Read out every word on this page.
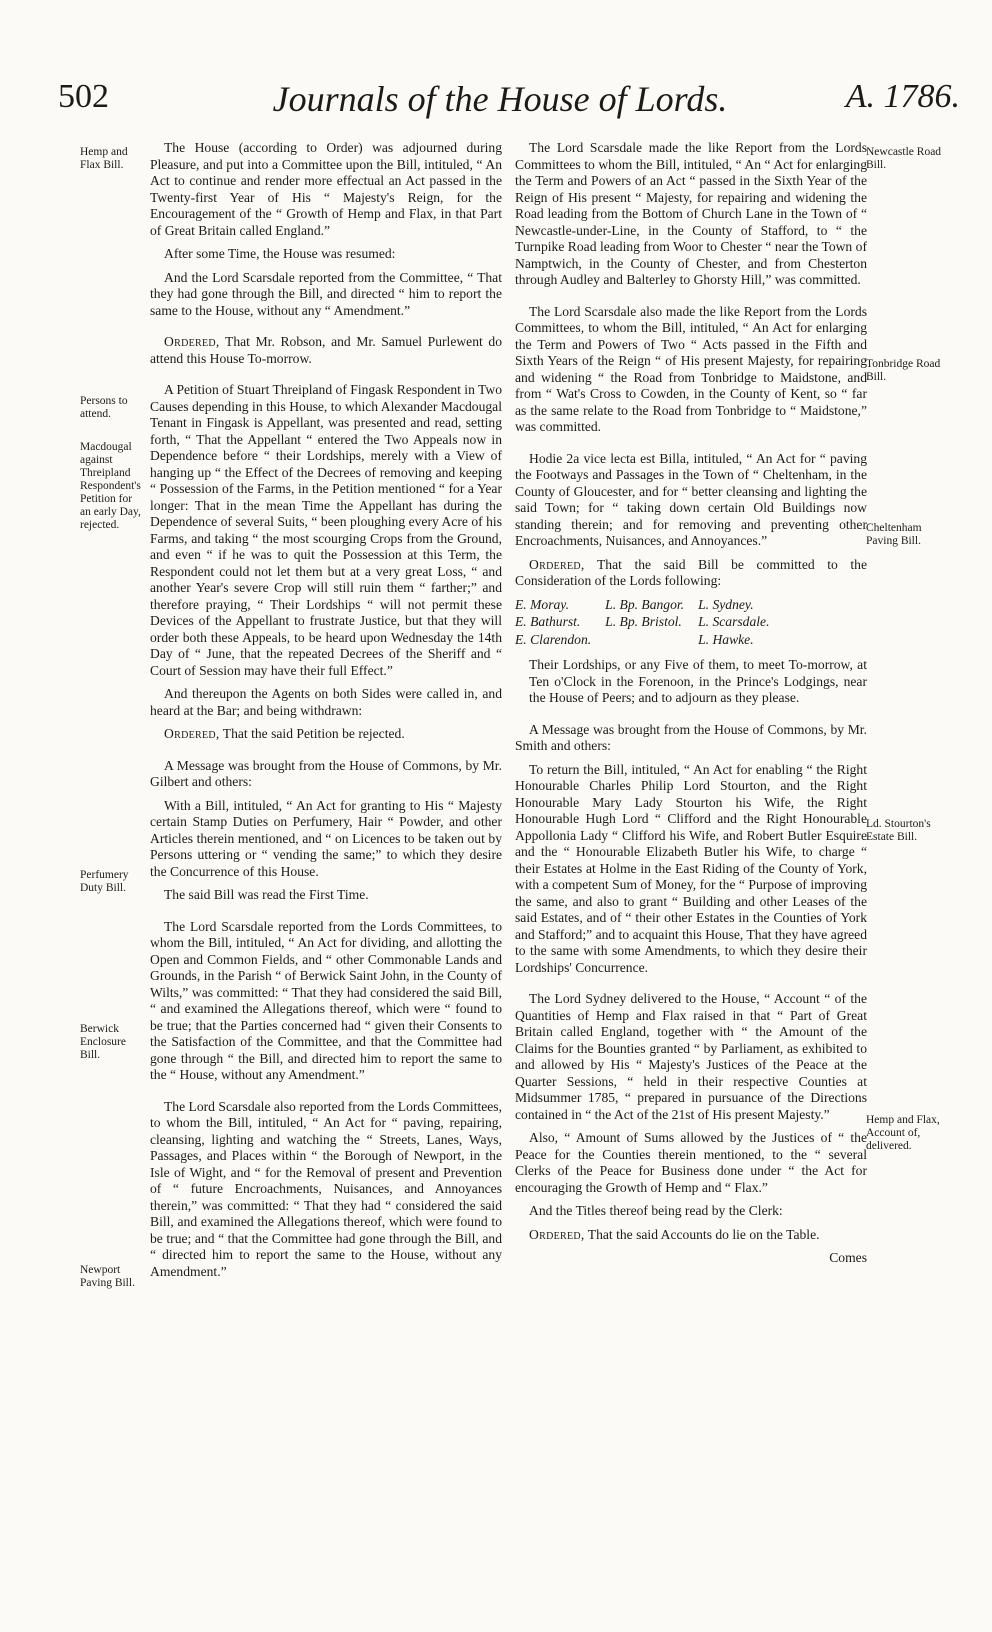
502	Journals of the House of Lords.	A. 1786.
Hemp and Flax Bill.
Persons to attend.
Macdougal against Threipland Respondent's Petition for an early Day, rejected.
Perfumery Duty Bill.
Berwick Enclosure Bill.
Newport Paving Bill.
Newcastle Road Bill.
Tonbridge Road Bill.
Cheltenham Paving Bill.
Ld. Stourton's Estate Bill.
Hemp and Flax, Account of, delivered.

The House (according to Order) was adjourned during Pleasure, and put into a Committee upon the Bill, intituled, “ An Act to continue and render more effectual an Act passed in the Twenty-first Year of His “ Majesty's Reign, for the Encouragement of the “ Growth of Hemp and Flax, in that Part of Great Britain called England.”

After some Time, the House was resumed:

And the Lord Scarsdale reported from the Committee, “ That they had gone through the Bill, and directed “ him to report the same to the House, without any “ Amendment.”

Ordered, That Mr. Robson, and Mr. Samuel Purlewent do attend this House To-morrow.

A Petition of Stuart Threipland of Fingask Respondent in Two Causes depending in this House, to which Alexander Macdougal Tenant in Fingask is Appellant, was presented and read, setting forth, “ That the Appellant “ entered the Two Appeals now in Dependence before “ their Lordships, merely with a View of hanging up “ the Effect of the Decrees of removing and keeping “ Possession of the Farms, in the Petition mentioned “ for a Year longer: That in the mean Time the Appellant has during the Dependence of several Suits, “ been ploughing every Acre of his Farms, and taking “ the most scourging Crops from the Ground, and even “ if he was to quit the Possession at this Term, the Respondent could not let them but at a very great Loss, “ and another Year's severe Crop will still ruin them “ farther;” and therefore praying, “ Their Lordships “ will not permit these Devices of the Appellant to frustrate Justice, but that they will order both these Appeals, to be heard upon Wednesday the 14th Day of “ June, that the repeated Decrees of the Sheriff and “ Court of Session may have their full Effect.”

And thereupon the Agents on both Sides were called in, and heard at the Bar; and being withdrawn:

Ordered, That the said Petition be rejected.

A Message was brought from the House of Commons, by Mr. Gilbert and others:

With a Bill, intituled, “ An Act for granting to His “ Majesty certain Stamp Duties on Perfumery, Hair “ Powder, and other Articles therein mentioned, and “ on Licences to be taken out by Persons uttering or “ vending the same;” to which they desire the Concurrence of this House.

The said Bill was read the First Time.

The Lord Scarsdale reported from the Lords Committees, to whom the Bill, intituled, “ An Act for dividing, and allotting the Open and Common Fields, and “ other Commonable Lands and Grounds, in the Parish “ of Berwick Saint John, in the County of Wilts,” was committed: “ That they had considered the said Bill, “ and examined the Allegations thereof, which were “ found to be true; that the Parties concerned had “ given their Consents to the Satisfaction of the Committee, and that the Committee had gone through “ the Bill, and directed him to report the same to the “ House, without any Amendment.”

The Lord Scarsdale also reported from the Lords Committees, to whom the Bill, intituled, “ An Act for “ paving, repairing, cleansing, lighting and watching the “ Streets, Lanes, Ways, Passages, and Places within “ the Borough of Newport, in the Isle of Wight, and “ for the Removal of present and Prevention of “ future Encroachments, Nuisances, and Annoyances therein,” was committed: “ That they had “ considered the said Bill, and examined the Allegations thereof, which were found to be true; and “ that the Committee had gone through the Bill, and “ directed him to report the same to the House, without any Amendment.”

The Lord Scarsdale made the like Report from the Lords Committees to whom the Bill, intituled, “ An “ Act for enlarging the Term and Powers of an Act “ passed in the Sixth Year of the Reign of His present “ Majesty, for repairing and widening the Road leading from the Bottom of Church Lane in the Town of “ Newcastle-under-Line, in the County of Stafford, to “ the Turnpike Road leading from Woor to Chester “ near the Town of Namptwich, in the County of Chester, and from Chesterton through Audley and Balterley to Ghorsty Hill,” was committed.

The Lord Scarsdale also made the like Report from the Lords Committees, to whom the Bill, intituled, “ An Act for enlarging the Term and Powers of Two “ Acts passed in the Fifth and Sixth Years of the Reign “ of His present Majesty, for repairing and widening “ the Road from Tonbridge to Maidstone, and from “ Wat's Cross to Cowden, in the County of Kent, so “ far as the same relate to the Road from Tonbridge to “ Maidstone,” was committed.

Hodie 2a vice lecta est Billa, intituled, “ An Act for “ paving the Footways and Passages in the Town of “ Cheltenham, in the County of Gloucester, and for “ better cleansing and lighting the said Town; for “ taking down certain Old Buildings now standing therein; and for removing and preventing other Encroachments, Nuisances, and Annoyances.”

Ordered, That the said Bill be committed to the Consideration of the Lords following:

E. Moray.	L. Bp. Bangor.	L. Sydney.
E. Bathurst.	L. Bp. Bristol.	L. Scarsdale.
E. Clarendon.		L. Hawke.

Their Lordships, or any Five of them, to meet To-morrow, at Ten o'Clock in the Forenoon, in the Prince's Lodgings, near the House of Peers; and to adjourn as they please.

A Message was brought from the House of Commons, by Mr. Smith and others:

To return the Bill, intituled, “ An Act for enabling “ the Right Honourable Charles Philip Lord Stourton, and the Right Honourable Mary Lady Stourton his Wife, the Right Honourable Hugh Lord “ Clifford and the Right Honourable Appollonia Lady “ Clifford his Wife, and Robert Butler Esquire and the “ Honourable Elizabeth Butler his Wife, to charge “ their Estates at Holme in the East Riding of the County of York, with a competent Sum of Money, for the “ Purpose of improving the same, and also to grant “ Building and other Leases of the said Estates, and of “ their other Estates in the Counties of York and Stafford;” and to acquaint this House, That they have agreed to the same with some Amendments, to which they desire their Lordships' Concurrence.

The Lord Sydney delivered to the House, “ Account “ of the Quantities of Hemp and Flax raised in that “ Part of Great Britain called England, together with “ the Amount of the Claims for the Bounties granted “ by Parliament, as exhibited to and allowed by His “ Majesty's Justices of the Peace at the Quarter Sessions, “ held in their respective Counties at Midsummer 1785, “ prepared in pursuance of the Directions contained in “ the Act of the 21st of His present Majesty.”

Also, “ Amount of Sums allowed by the Justices of “ the Peace for the Counties therein mentioned, to the “ several Clerks of the Peace for Business done under “ the Act for encouraging the Growth of Hemp and “ Flax.”

And the Titles thereof being read by the Clerk:

Ordered, That the said Accounts do lie on the Table.

Comes
